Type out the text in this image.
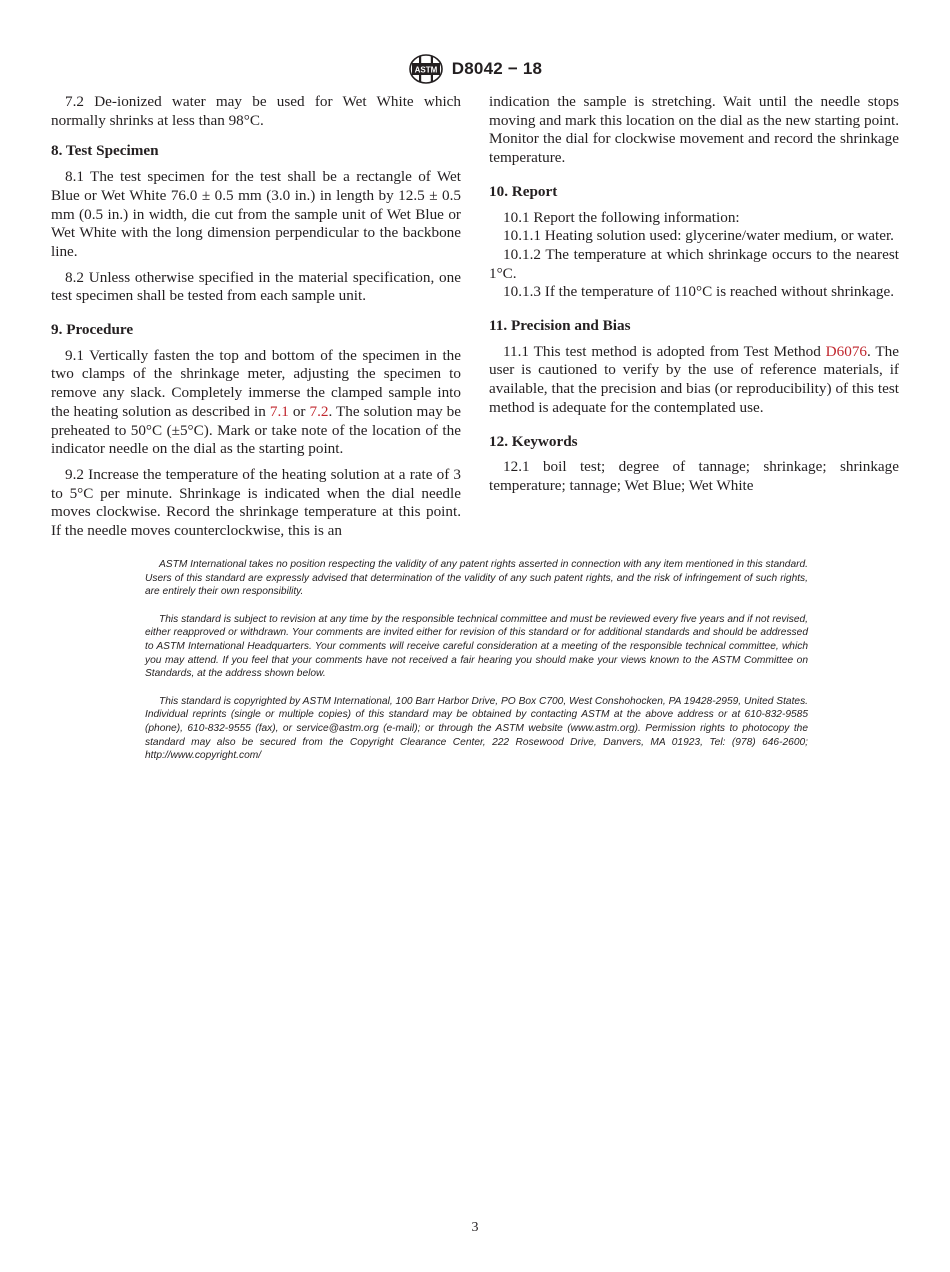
ASTM D8042 − 18

7.2 De-ionized water may be used for Wet White which normally shrinks at less than 98°C.

8. Test Specimen

8.1 The test specimen for the test shall be a rectangle of Wet Blue or Wet White 76.0 ± 0.5 mm (3.0 in.) in length by 12.5 ± 0.5 mm (0.5 in.) in width, die cut from the sample unit of Wet Blue or Wet White with the long dimension perpendicular to the backbone line.

8.2 Unless otherwise specified in the material specification, one test specimen shall be tested from each sample unit.

9. Procedure

9.1 Vertically fasten the top and bottom of the specimen in the two clamps of the shrinkage meter, adjusting the specimen to remove any slack. Completely immerse the clamped sample into the heating solution as described in 7.1 or 7.2. The solution may be preheated to 50°C (±5°C). Mark or take note of the location of the indicator needle on the dial as the starting point.

9.2 Increase the temperature of the heating solution at a rate of 3 to 5°C per minute. Shrinkage is indicated when the dial needle moves clockwise. Record the shrinkage temperature at this point. If the needle moves counterclockwise, this is an

indication the sample is stretching. Wait until the needle stops moving and mark this location on the dial as the new starting point. Monitor the dial for clockwise movement and record the shrinkage temperature.

10. Report

10.1 Report the following information:

10.1.1 Heating solution used: glycerine/water medium, or water.

10.1.2 The temperature at which shrinkage occurs to the nearest 1°C.

10.1.3 If the temperature of 110°C is reached without shrinkage.

11. Precision and Bias

11.1 This test method is adopted from Test Method D6076. The user is cautioned to verify by the use of reference materials, if available, that the precision and bias (or reproducibility) of this test method is adequate for the contemplated use.

12. Keywords

12.1 boil test; degree of tannage; shrinkage; shrinkage temperature; tannage; Wet Blue; Wet White

ASTM International takes no position respecting the validity of any patent rights asserted in connection with any item mentioned in this standard. Users of this standard are expressly advised that determination of the validity of any such patent rights, and the risk of infringement of such rights, are entirely their own responsibility.

This standard is subject to revision at any time by the responsible technical committee and must be reviewed every five years and if not revised, either reapproved or withdrawn. Your comments are invited either for revision of this standard or for additional standards and should be addressed to ASTM International Headquarters. Your comments will receive careful consideration at a meeting of the responsible technical committee, which you may attend. If you feel that your comments have not received a fair hearing you should make your views known to the ASTM Committee on Standards, at the address shown below.

This standard is copyrighted by ASTM International, 100 Barr Harbor Drive, PO Box C700, West Conshohocken, PA 19428-2959, United States. Individual reprints (single or multiple copies) of this standard may be obtained by contacting ASTM at the above address or at 610-832-9585 (phone), 610-832-9555 (fax), or service@astm.org (e-mail); or through the ASTM website (www.astm.org). Permission rights to photocopy the standard may also be secured from the Copyright Clearance Center, 222 Rosewood Drive, Danvers, MA 01923, Tel: (978) 646-2600; http://www.copyright.com/

3
